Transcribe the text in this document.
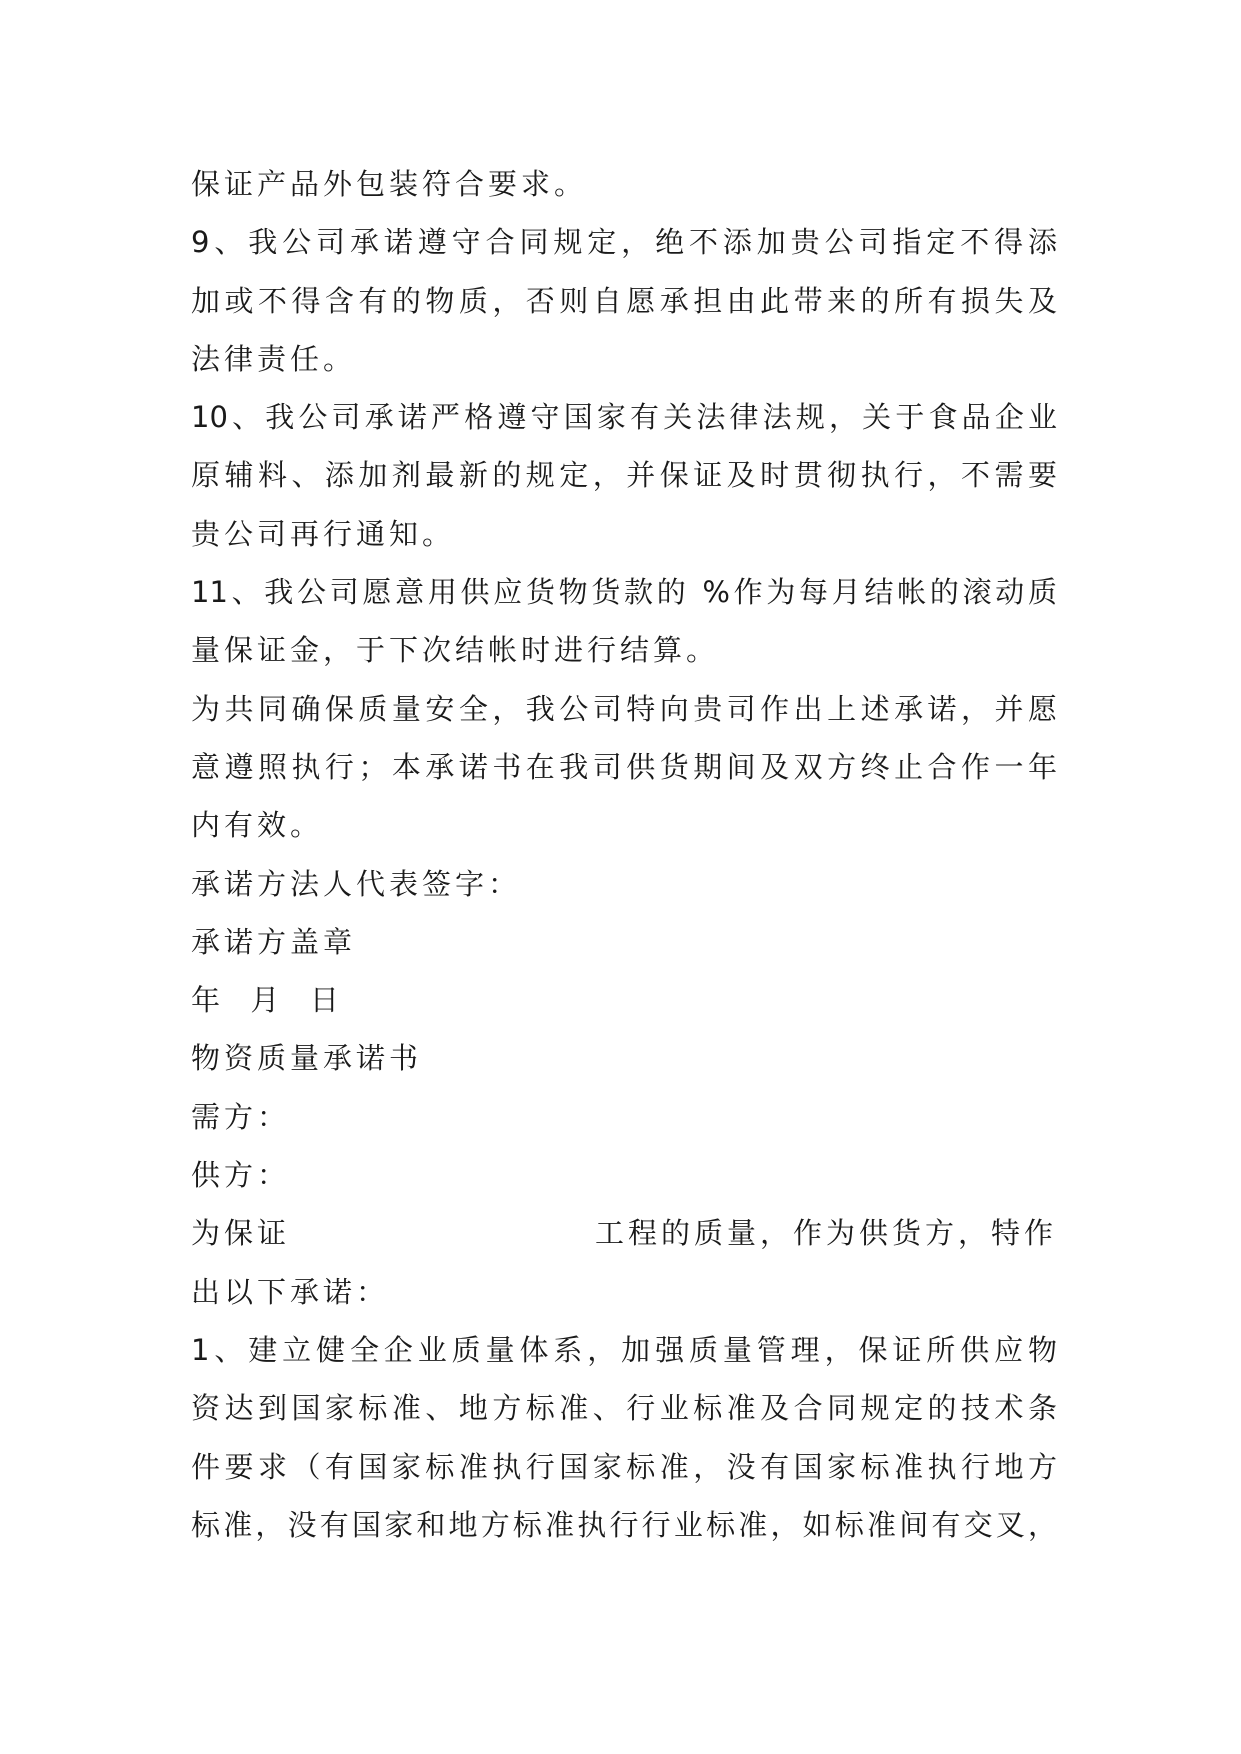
保证产品外包装符合要求。
9、我公司承诺遵守合同规定，绝不添加贵公司指定不得添
加或不得含有的物质，否则自愿承担由此带来的所有损失及
法律责任。
10、我公司承诺严格遵守国家有关法律法规，关于食品企业
原辅料、添加剂最新的规定，并保证及时贯彻执行，不需要
贵公司再行通知。
11、我公司愿意用供应货物货款的 %作为每月结帐的滚动质
量保证金，于下次结帐时进行结算。
为共同确保质量安全，我公司特向贵司作出上述承诺，并愿
意遵照执行；本承诺书在我司供货期间及双方终止合作一年
内有效。
承诺方法人代表签字：
承诺方盖章
年  月  日
物资质量承诺书
需方：
供方：
为保证	工程的质量，作为供货方，特作
出以下承诺：
1、建立健全企业质量体系，加强质量管理，保证所供应物
资达到国家标准、地方标准、行业标准及合同规定的技术条
件要求（有国家标准执行国家标准，没有国家标准执行地方
标准，没有国家和地方标准执行行业标准，如标准间有交叉，
